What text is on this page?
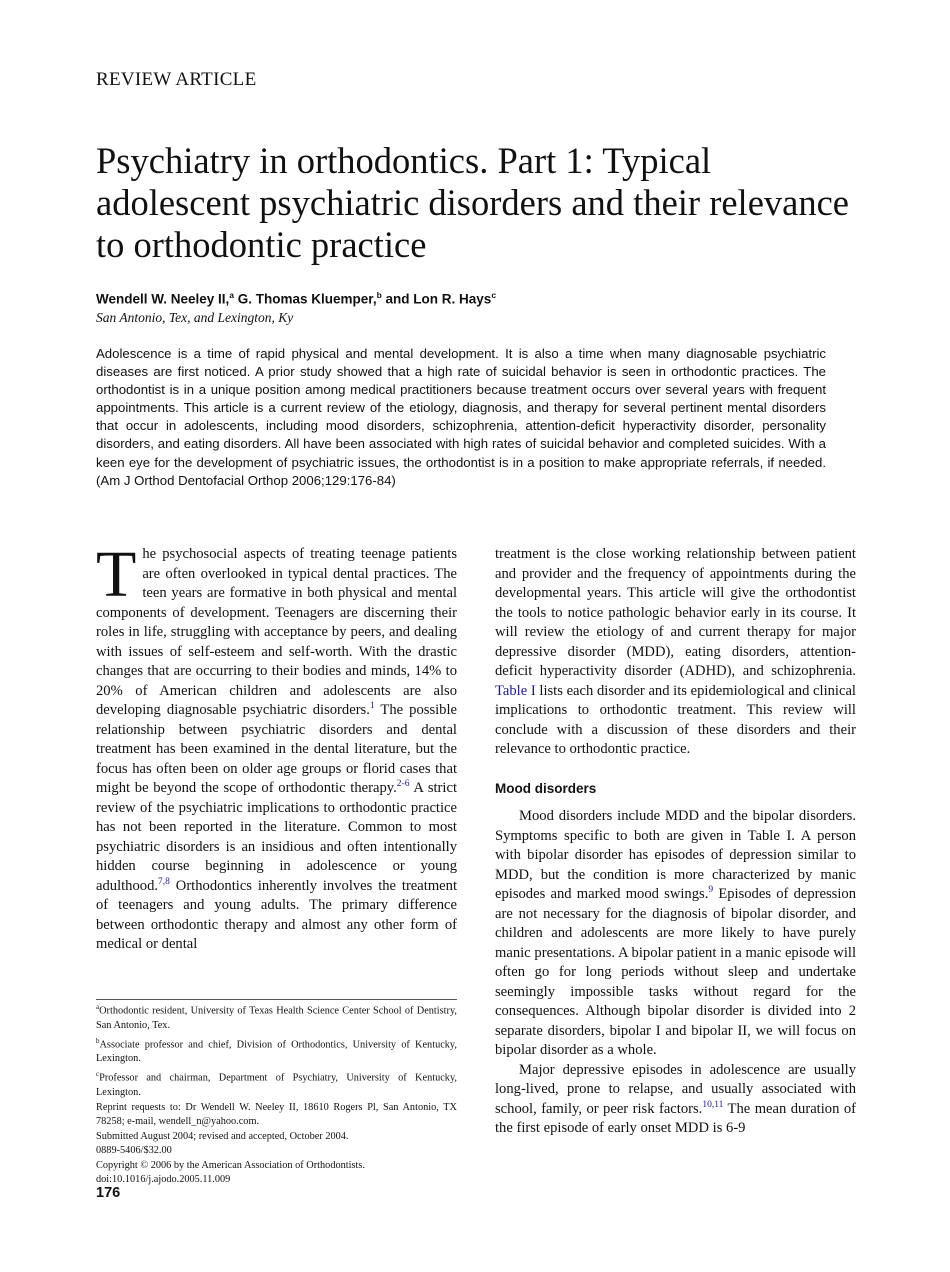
REVIEW ARTICLE
Psychiatry in orthodontics. Part 1: Typical adolescent psychiatric disorders and their relevance to orthodontic practice
Wendell W. Neeley II,$^a$ G. Thomas Kluemper,$^b$ and Lon R. Hays$^c$
San Antonio, Tex, and Lexington, Ky

Adolescence is a time of rapid physical and mental development. It is also a time when many diagnosable psychiatric diseases are first noticed. A prior study showed that a high rate of suicidal behavior is seen in orthodontic practices. The orthodontist is in a unique position among medical practitioners because treatment occurs over several years with frequent appointments. This article is a current review of the etiology, diagnosis, and therapy for several pertinent mental disorders that occur in adolescents, including mood disorders, schizophrenia, attention-deficit hyperactivity disorder, personality disorders, and eating disorders. All have been associated with high rates of suicidal behavior and completed suicides. With a keen eye for the development of psychiatric issues, the orthodontist is in a position to make appropriate referrals, if needed. (Am J Orthod Dentofacial Orthop 2006;129:176-84)

The psychosocial aspects of treating teenage patients are often overlooked in typical dental practices. The teen years are formative in both physical and mental components of development. Teenagers are discerning their roles in life, struggling with acceptance by peers, and dealing with issues of self-esteem and self-worth. With the drastic changes that are occurring to their bodies and minds, 14% to 20% of American children and adolescents are also developing diagnosable psychiatric disorders.$^1$ The possible relationship between psychiatric disorders and dental treatment has been examined in the dental literature, but the focus has often been on older age groups or florid cases that might be beyond the scope of orthodontic therapy.$^{2-6}$ A strict review of the psychiatric implications to orthodontic practice has not been reported in the literature. Common to most psychiatric disorders is an insidious and often intentionally hidden course beginning in adolescence or young adulthood.$^{7,8}$ Orthodontics inherently involves the treatment of teenagers and young adults. The primary difference between orthodontic therapy and almost any other form of medical or dental

treatment is the close working relationship between patient and provider and the frequency of appointments during the developmental years. This article will give the orthodontist the tools to notice pathologic behavior early in its course. It will review the etiology of and current therapy for major depressive disorder (MDD), eating disorders, attention-deficit hyperactivity disorder (ADHD), and schizophrenia. Table I lists each disorder and its epidemiological and clinical implications to orthodontic treatment. This review will conclude with a discussion of these disorders and their relevance to orthodontic practice.

Mood disorders

Mood disorders include MDD and the bipolar disorders. Symptoms specific to both are given in Table I. A person with bipolar disorder has episodes of depression similar to MDD, but the condition is more characterized by manic episodes and marked mood swings.$^9$ Episodes of depression are not necessary for the diagnosis of bipolar disorder, and children and adolescents are more likely to have purely manic presentations. A bipolar patient in a manic episode will often go for long periods without sleep and undertake seemingly impossible tasks without regard for the consequences. Although bipolar disorder is divided into 2 separate disorders, bipolar I and bipolar II, we will focus on bipolar disorder as a whole.

Major depressive episodes in adolescence are usually long-lived, prone to relapse, and usually associated with school, family, or peer risk factors.$^{10,11}$ The mean duration of the first episode of early onset MDD is 6-9

$^a$Orthodontic resident, University of Texas Health Science Center School of Dentistry, San Antonio, Tex.
$^b$Associate professor and chief, Division of Orthodontics, University of Kentucky, Lexington.
$^c$Professor and chairman, Department of Psychiatry, University of Kentucky, Lexington.
Reprint requests to: Dr Wendell W. Neeley II, 18610 Rogers Pl, San Antonio, TX 78258; e-mail, wendell_n@yahoo.com.
Submitted August 2004; revised and accepted, October 2004.
0889-5406/$32.00
Copyright © 2006 by the American Association of Orthodontists.
doi:10.1016/j.ajodo.2005.11.009
176
